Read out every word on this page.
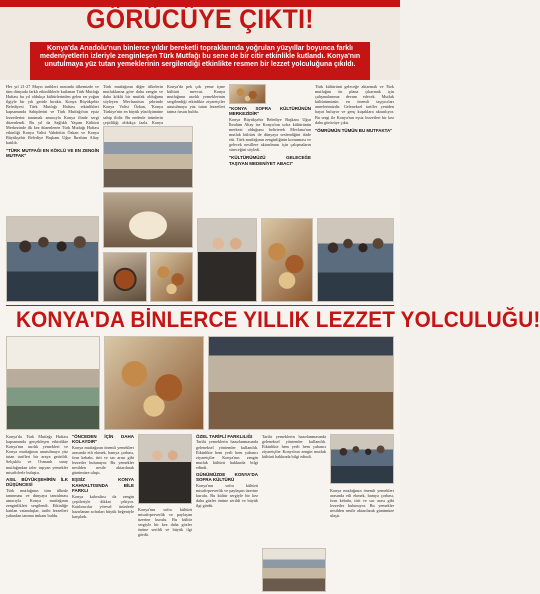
GÖRÜCÜYE ÇIKTI!
Konya'da Anadolu'nun binlerce yıldır bereketli topraklarında yoğrulan yüzyıllar boyunca farklı medeniyetlerin izleriyle zenginleşen Türk Mutfağı bu sene de bir citir etkinlikle kutlandı. Konya'nın unutulmaya yüz tutan yemeklerinin sergilendiği etkinlikte resmen bir lezzet yolculuğuna çıkıldı.
Her yıl 21-27 Mayıs tarihleri arasında ülkemizde ve tüm dünyada farklı etkinliklerle kutlanan Türk Mutfağı Haftası bu yıl oldukça kültürlerinden gelen en yoğun ilgiyle bir yılı geride bıraktı. Konya Büyükşehir Belediyesi Türk Mutfağı Haftası etkinlikleri kapsamında Sahiplerini ve Türk Mutfağı'nın eşsiz lezzetlerini tanıtmak amacıyla Konya ilinde sergi düzenlendi. Bu yıl da Sağlıklı Yaşam Kültürü Merkezinde ilk kez düzenlenen Türk Mutfağı Haftası etkinliği Konya Valisi Vahdettin Özkan ve Konya Büyükşehir Belediye Başkanı Uğur İbrahim Altay katıldı.
"TÜRK MUTFAĞI EN KÖKLÜ VE EN ZENGİN MUTFAK"
Türk mutfağının diğer ülkelerin mutfaklarına göre daha zengin ve daha köklü bir mutfak olduğunu söyleyen Mevlana'nın şehrinde Konya Valisi Özkan, 'Konya Türkiye'nin en büyük yüzölçümüne sahip ilidir. Bu nedenle ürünlerin çeşitliliği oldukça fazla. Konya
Konya'da pek çok yeme içme kültürü mevcut. Konya mutfağının asırlık yemeklerinin sergilendiği etkinlikte ziyaretçiler unutulmaya yüz tutan lezzetleri tatma fırsatı buldu.
"KONYA SOFRA KÜLTÜRÜNÜN MERKEZİDİR"
Konya Büyükşehir Belediye Başkanı Uğur İbrahim Altay ise Konya'nın sofra kültürünün merkezi olduğunu belirterek Mevlana'nın mutfak kültürü ile dünyaya seslendiğini ifade etti. Türk mutfağının zenginliğinin korunması ve gelecek nesillere aktarılması için çalışmaların süreceğini söyledi.
"KÜLTÜRÜMÜZÜ GELECEĞE TAŞIYAN MEDENİYET ABACI"
Türk kültürünü geleceğe aktarmak ve Türk mutfağını ön plana çıkarmak için çalışmalarımız devam edecek. Mutfak kültürümüzün en önemli taşıyıcıları annelerimizdir. Geleneksel tarifler yeniden hayat buluyor ve genç kuşaklara aktarılıyor. Bu sergi ile Konya'nın eşsiz lezzetleri bir kez daha görücüye çıktı.
"ÖMRÜMÜN TÜMÜN BU MUTFAKTA"
KONYA'DA BİNLERCE YILLIK LEZZET YOLCULUĞU!
Konya'da Türk Mutfağı Haftası kapsamında gerçekleşen etkinlikte Konya'nın asırlık yemekleri ve Konya mutfağının unutulmaya yüz tutan tarifleri bir araya getirildi. Selçuklu ve Osmanlı saray mutfağından izler taşıyan yemekler misafirlerle buluştu.
ASIL BÜYÜKŞEHİRİN İLK DÜŞÜNCESİ
Türk mutfağının tüm ülkede tanınması ve dünyaya tanıtılması amacıyla Konya mutfağının zenginlikleri sergilendi. Etkinliğe katılan vatandaşlar, tarihi lezzetleri yakından tanıma imkanı buldu.
"ÖNCEDEN İÇİN DAHA KOLAYDIR"
Konya mutfağının önemli yemekleri arasında etli ekmek, bamya çorbası, fırın kebabı, tirit ve sac arası gibi lezzetler bulunuyor. Bu yemekler nesilden nesile aktarılarak günümüze ulaştı.
EŞSİZ KONYA KAHVALTISINDA BİLE FARKLI
Konya kahvaltısı da zengin çeşitleriyle dikkat çekiyor. Katılımcılar yöresel ürünlerle hazırlanan sofraları büyük beğeniyle karşıladı.
Konya'nın sofra kültürü misafirperverlik ve paylaşım üzerine kurulu. Bu kültür sergiyle bir kez daha gözler önüne serildi ve büyük ilgi gördü.
ÖZEL TARİFLİ FARKLILIĞI
Tarihi yemeklerin hazırlanmasında geleneksel yöntemler kullanıldı. Etkinlikte hem yerli hem yabancı ziyaretçiler Konya'nın zengin mutfak kültürü hakkında bilgi edindi.
GÜNÜMÜZDE KONYA'DA SOFRA KÜLTÜRÜ
Konya'nın sofra kültürü misafirperverlik ve paylaşım üzerine kurulu. Bu kültür sergiyle bir kez daha gözler önüne serildi ve büyük ilgi gördü.
Tarihi yemeklerin hazırlanmasında geleneksel yöntemler kullanıldı. Etkinlikte hem yerli hem yabancı ziyaretçiler Konya'nın zengin mutfak kültürü hakkında bilgi edindi.
Konya mutfağının önemli yemekleri arasında etli ekmek, bamya çorbası, fırın kebabı, tirit ve sac arası gibi lezzetler bulunuyor. Bu yemekler nesilden nesile aktarılarak günümüze ulaştı.
